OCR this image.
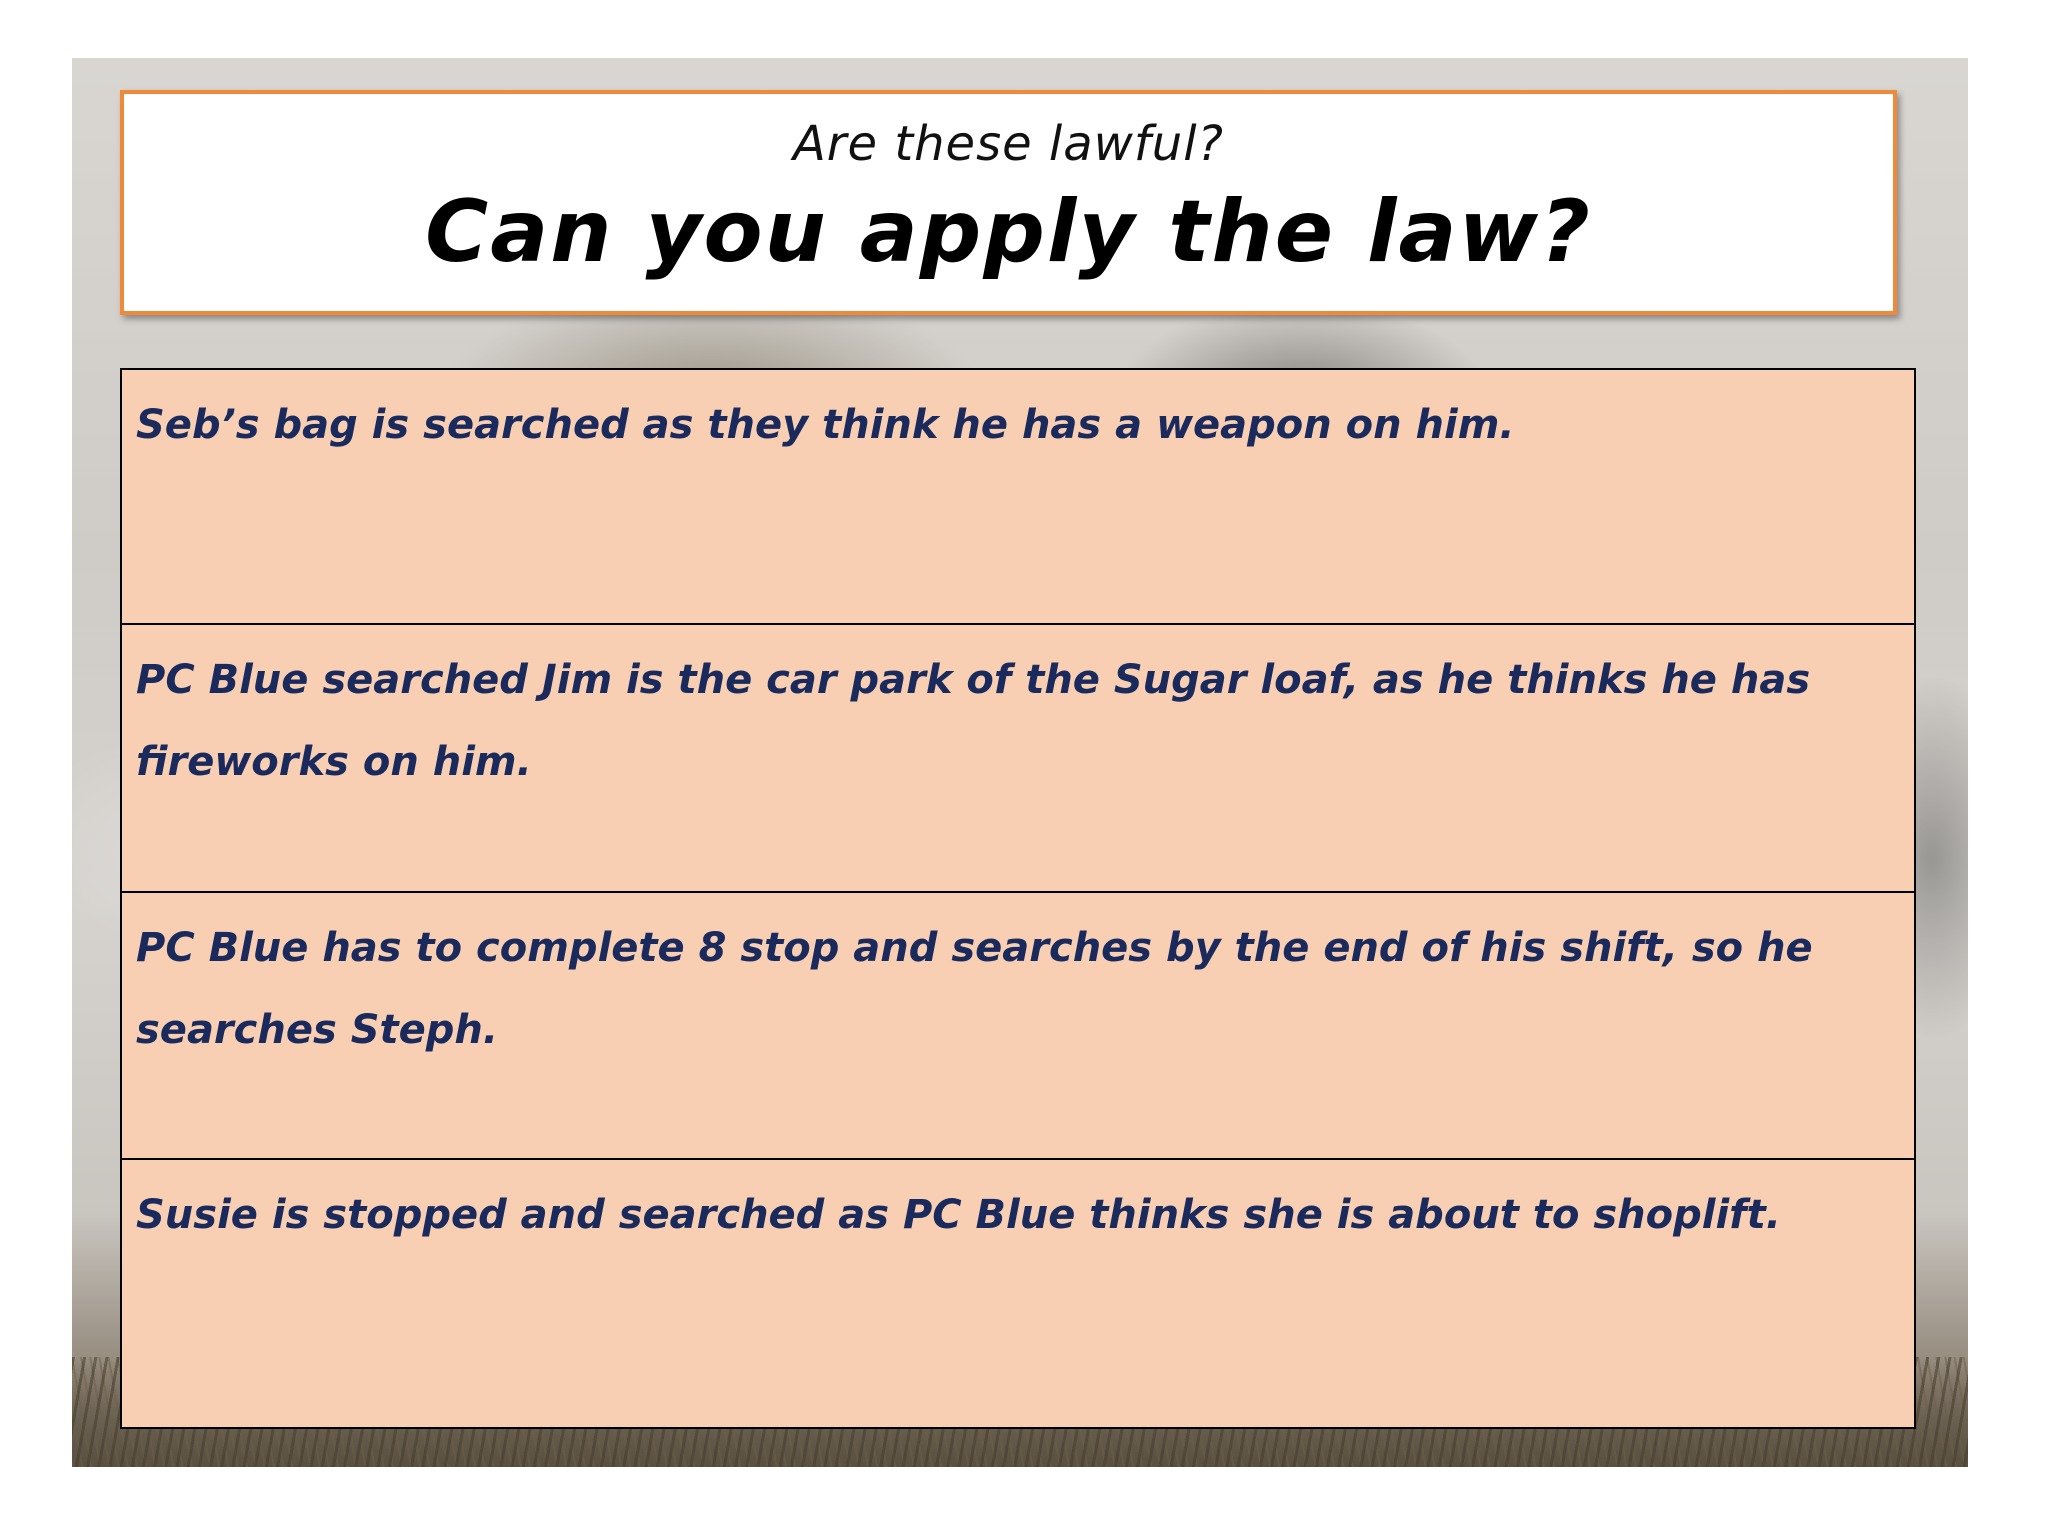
Are these lawful?
Can you apply the law?
Seb’s bag is searched as they think he has a weapon on him.
PC Blue searched Jim is the car park of the Sugar loaf, as he thinks he has fireworks on him.
PC Blue has to complete 8 stop and searches by the end of his shift, so he searches Steph.
Susie is stopped and searched as PC Blue thinks she is about to shoplift.
